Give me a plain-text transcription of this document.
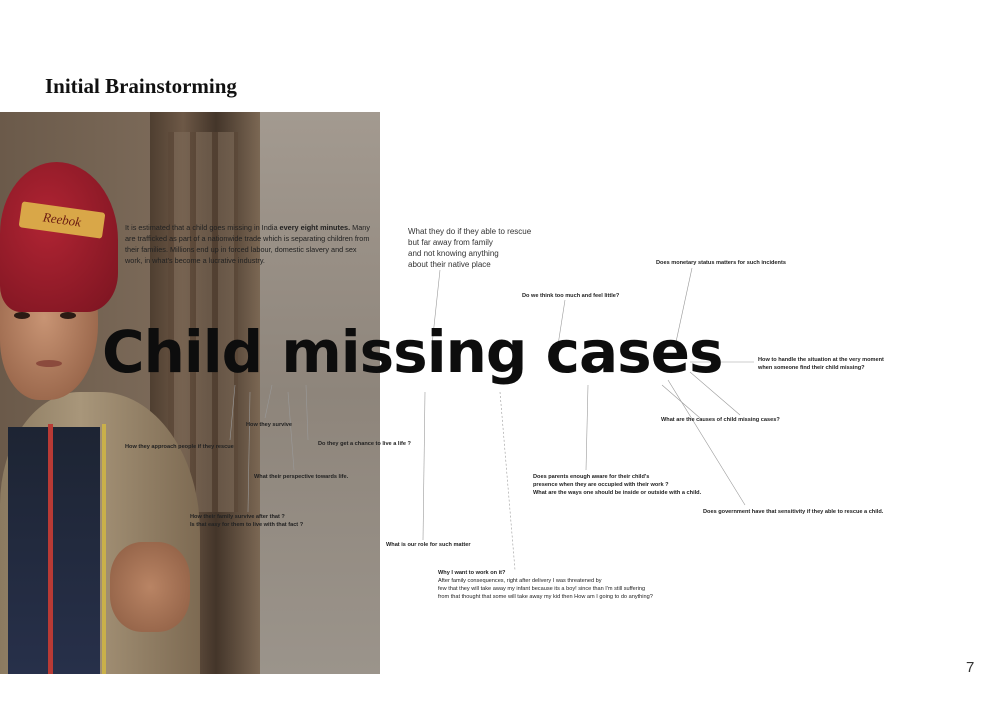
Initial Brainstorming
Reebok	It is estimated that a child goes missing in India every eight minutes. Many are trafficked as part of a nationwide trade which is separating children from their families. Millions end up in forced labour, domestic slavery and sex work, in what's become a lucrative industry.

Child missing cases
What they do if they able to rescue
but far away from family
and not knowing anything
about their native place	Does monetary status matters for such incidents
Do we think too much and feel little?
How to handle the situation at the very moment
when someone find their child missing?
What are the causes of child missing cases?
How they survive
Do they get a chance to live a life ?
How they approach people if they rescue
What their perspective towards life.
How their family survive after that ?
Is that easy for them to live with that fact ?
Does parents enough aware for their child's
presence when they are occupied with their work ?
What are the ways one should be inside or outside with a child.
Does government have that sensitivity if they able to rescue a child.
What is our role for such matter
Why I want to work on it?
After family consequences, right after delivery I was threatened by
few that they will take away my infant because its a boy! since than I'm still suffering
from that thought that some will take away my kid then How am I going to do anything?
7
